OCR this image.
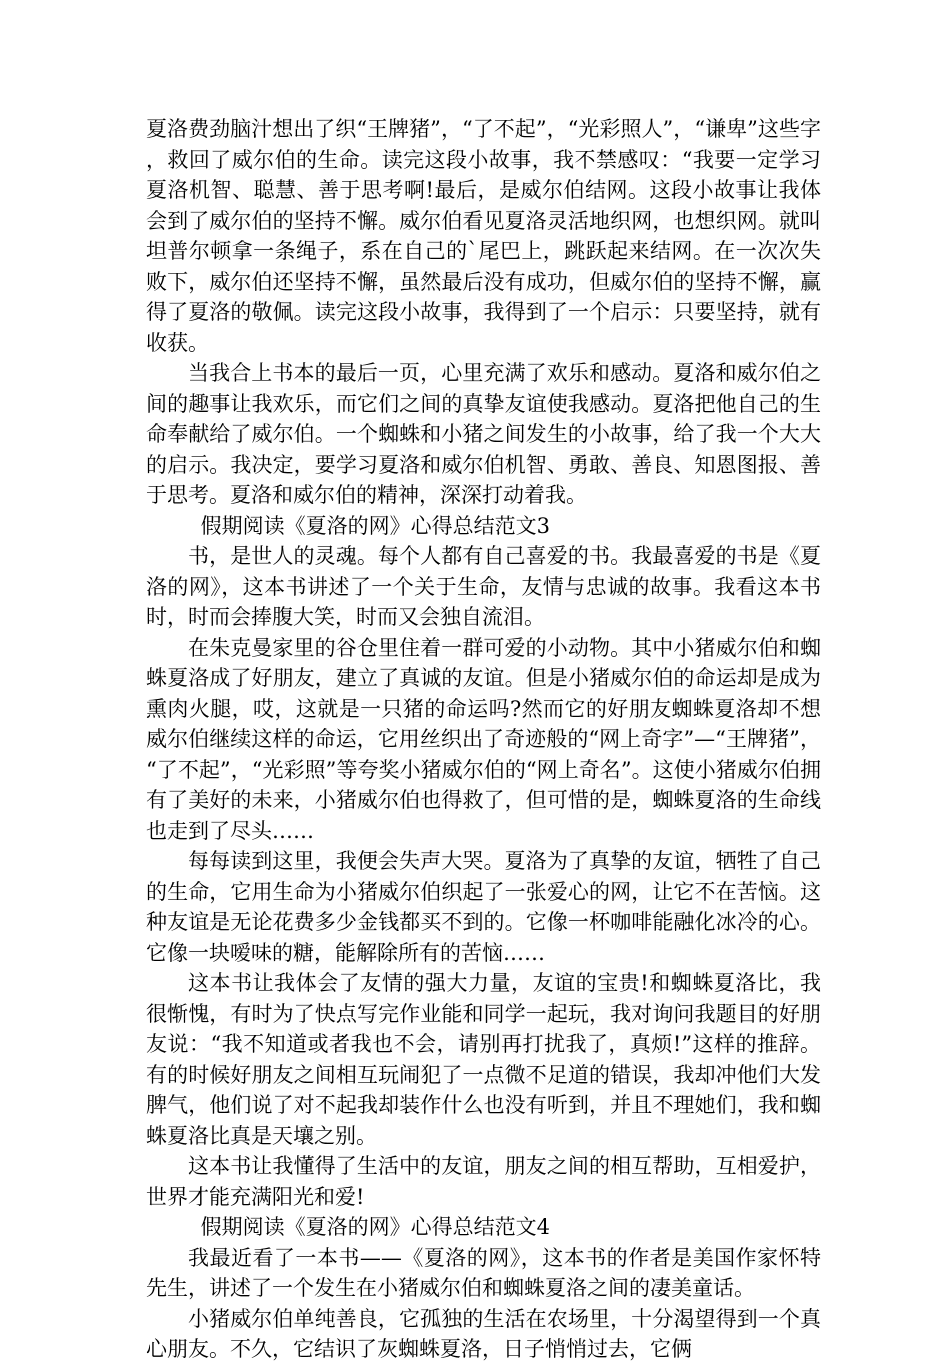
夏洛费劲脑汁想出了织“王牌猪”，“了不起”，“光彩照人”，“谦卑”这些字，救回了威尔伯的生命。读完这段小故事，我不禁感叹：“我要一定学习夏洛机智、聪慧、善于思考啊!最后，是威尔伯结网。这段小故事让我体会到了威尔伯的坚持不懈。威尔伯看见夏洛灵活地织网，也想织网。就叫坦普尔顿拿一条绳子，系在自己的`尾巴上，跳跃起来结网。在一次次失败下，威尔伯还坚持不懈，虽然最后没有成功，但威尔伯的坚持不懈，赢得了夏洛的敬佩。读完这段小故事，我得到了一个启示：只要坚持，就有收获。

当我合上书本的最后一页，心里充满了欢乐和感动。夏洛和威尔伯之间的趣事让我欢乐，而它们之间的真挚友谊使我感动。夏洛把他自己的生命奉献给了威尔伯。一个蜘蛛和小猪之间发生的小故事，给了我一个大大的启示。我决定，要学习夏洛和威尔伯机智、勇敢、善良、知恩图报、善于思考。夏洛和威尔伯的精神，深深打动着我。

假期阅读《夏洛的网》心得总结范文3

书，是世人的灵魂。每个人都有自己喜爱的书。我最喜爱的书是《夏洛的网》，这本书讲述了一个关于生命，友情与忠诚的故事。我看这本书时，时而会捧腹大笑，时而又会独自流泪。

在朱克曼家里的谷仓里住着一群可爱的小动物。其中小猪威尔伯和蜘蛛夏洛成了好朋友，建立了真诚的友谊。但是小猪威尔伯的命运却是成为熏肉火腿，哎，这就是一只猪的命运吗?然而它的好朋友蜘蛛夏洛却不想威尔伯继续这样的命运，它用丝织出了奇迹般的“网上奇字”—“王牌猪”，“了不起”，“光彩照”等夸奖小猪威尔伯的“网上奇名”。这使小猪威尔伯拥有了美好的未来，小猪威尔伯也得救了，但可惜的是，蜘蛛夏洛的生命线也走到了尽头……

每每读到这里，我便会失声大哭。夏洛为了真挚的友谊，牺牲了自己的生命，它用生命为小猪威尔伯织起了一张爱心的网，让它不在苦恼。这种友谊是无论花费多少金钱都买不到的。它像一杯咖啡能融化冰冷的心。它像一块嗳味的糖，能解除所有的苦恼……

这本书让我体会了友情的强大力量，友谊的宝贵!和蜘蛛夏洛比，我很惭愧，有时为了快点写完作业能和同学一起玩，我对询问我题目的好朋友说：“我不知道或者我也不会，请别再打扰我了，真烦!”这样的推辞。有的时候好朋友之间相互玩闹犯了一点微不足道的错误，我却冲他们大发脾气，他们说了对不起我却装作什么也没有听到，并且不理她们，我和蜘蛛夏洛比真是天壤之别。

这本书让我懂得了生活中的友谊，朋友之间的相互帮助，互相爱护，世界才能充满阳光和爱!

假期阅读《夏洛的网》心得总结范文4

我最近看了一本书——《夏洛的网》，这本书的作者是美国作家怀特先生，讲述了一个发生在小猪威尔伯和蜘蛛夏洛之间的凄美童话。

小猪威尔伯单纯善良，它孤独的生活在农场里，十分渴望得到一个真心朋友。不久，它结识了灰蜘蛛夏洛，日子悄悄过去，它俩
